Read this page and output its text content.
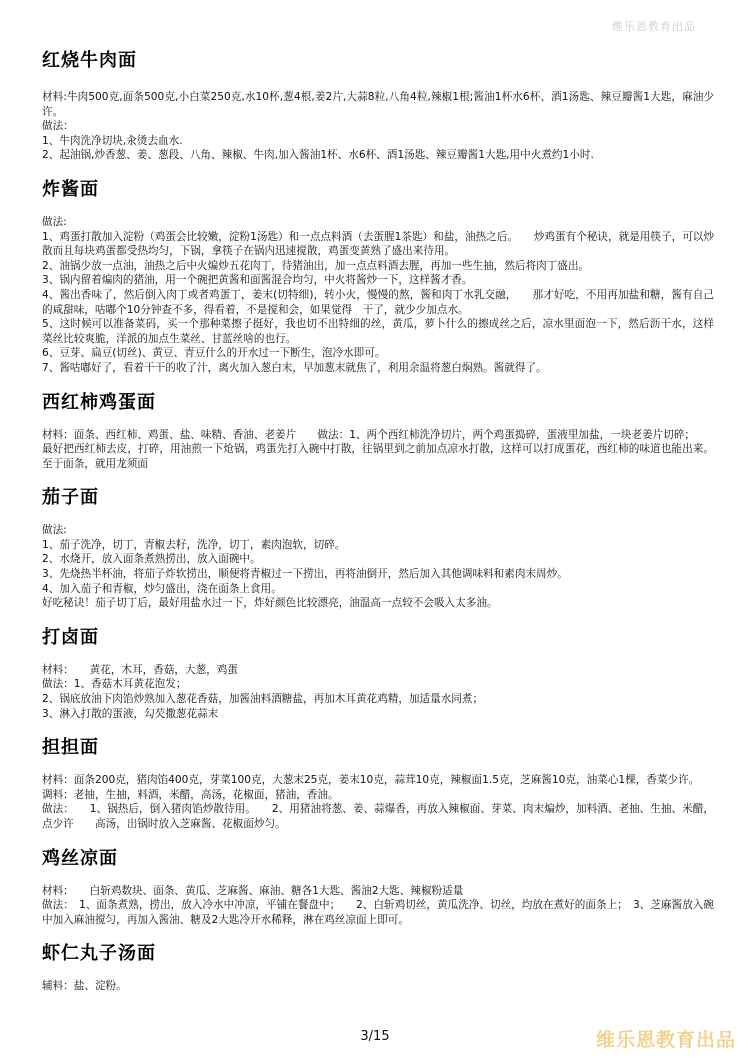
维乐恩教育出品
红烧牛肉面

材料:牛肉500克,面条500克,小白菜250克,水10杯,葱4根,姜2片,大蒜8粒,八角4粒,辣椒1根;酱油1杯水6杯、酒1汤匙、辣豆瓣酱1大匙，麻油少许。

做法：

1、牛肉洗净切块,汆烫去血水.

2、起油锅,炒香葱、姜、葱段、八角、辣椒、牛肉,加入酱油1杯、水6杯、酒1汤匙、辣豆瓣酱1大匙,用中火煮约1小时.

炸酱面

做法:

1、鸡蛋打散加入淀粉（鸡蛋会比较嫩，淀粉1汤匙）和一点点料酒（去蛋腥1茶匙）和盐，油热之后。　　炒鸡蛋有个秘诀，就是用筷子，可以炒散而且每块鸡蛋都受热均匀，下锅，拿筷子在锅内迅速搅散，鸡蛋变黄熟了盛出来待用。

2、油锅少放一点油，油热之后中火煸炒五花肉丁，待猪油出，加一点点料酒去腥，再加一些生抽，然后将肉丁盛出。

3、锅内留着煸肉的猪油，用一个碗把黄酱和面酱混合均匀，中火将酱炒一下，这样酱才香。

4、酱出香味了，然后倒入肉丁或者鸡蛋丁，姜末(切特细)，转小火，慢慢的熬，酱和肉丁水乳交融，　　那才好吃，不用再加盐和糖，酱有自己的咸甜味，咕嘟个10分钟查不多，得看着，不是搅和会，如果觉得　干了，就少少加点水。

5、这时候可以准备菜码，买一个那种菜擦子挺好，我也切不出特细的丝，黄瓜，萝卜什么的擦成丝之后，凉水里面泡一下，然后沥干水，这样菜丝比较爽脆，洋派的加点生菜丝、甘蓝丝啥的也行。

6、豆芽、扁豆(切丝)、黄豆、青豆什么的开水过一下断生，泡冷水即可。

7、酱咕嘟好了，看着干干的收了汁，离火加入葱白末，早加葱末就焦了，利用余温将葱白焖熟。酱就得了。

西红柿鸡蛋面

材料：面条、西红柿、鸡蛋、盐、味精、香油、老姜片　　做法：1、两个西红柿洗净切片，两个鸡蛋捣碎，蛋液里加盐，一块老姜片切碎；

最好把西红柿去皮，打碎，用油煎一下炝锅，鸡蛋先打入碗中打散，往锅里到之前加点凉水打散，这样可以打成蛋花，西红柿的味道也能出来。至于面条，就用龙须面

茄子面

做法:

1、茄子洗净，切丁，青椒去籽，洗净，切丁，素肉泡软，切碎。

2、水烧开，放入面条煮熟捞出，放入面碗中。

3、先烧热半杯油，将茄子炸软捞出，顺便将青椒过一下捞出，再将油倒开，然后加入其他调味料和素肉末周炒。

4、加入茄子和青椒，炒匀盛出，浇在面条上食用。

好吃秘诀！茄子切丁后，最好用盐水过一下，炸好颜色比较漂亮，油温高一点较不会吸入太多油。

打卤面

材料：　　黄花，木耳，香菇，大葱，鸡蛋

做法：1、香菇木耳黄花泡发；

2、锅底放油下肉馅炒熟加入葱花香菇，加酱油料酒糖盐，再加木耳黄花鸡精，加适量水同煮；

3、淋入打散的蛋液，勾芡撒葱花蒜末

担担面

材料：面条200克，猪肉馅400克，芽菜100克，大葱末25克，姜末10克，蒜茸10克，辣椒面1.5克，芝麻酱10克，油菜心1棵，香菜少许。

调料：老抽，生抽，料酒，米醋，高汤，花椒面，猪油，香油。

做法：　　1、锅热后，倒入猪肉馅炒散待用。　　2、用猪油将葱、姜、蒜爆香，再放入辣椒面、芽菜、肉末煸炒，加料酒、老抽、生抽、米醋，点少许　　高汤，出锅时放入芝麻酱、花椒面炒匀。

鸡丝凉面

材料：　　白斩鸡数块、面条、黄瓜、芝麻酱、麻油、糖各1大匙、酱油2大匙、辣椒粉适量

做法：　1、面条煮熟，捞出，放入冷水中冲凉，平铺在餐盘中；　　2、白斩鸡切丝，黄瓜洗净、切丝，均放在煮好的面条上；　3、芝麻酱放入碗中加入麻油搅匀，再加入酱油、糖及2大匙冷开水稀释，淋在鸡丝凉面上即可。

虾仁丸子汤面

辅料：盐、淀粉。

3/15	维乐恩教育出品
